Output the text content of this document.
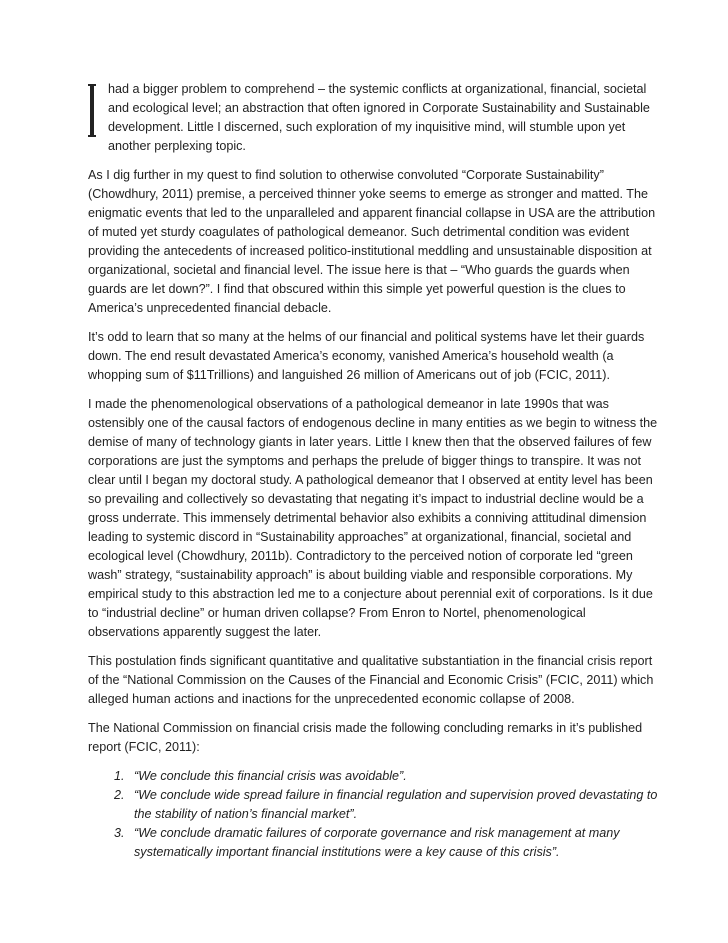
had a bigger problem to comprehend – the systemic conflicts at organizational, financial, societal
and ecological level; an abstraction that often ignored in Corporate Sustainability and Sustainable
development. Little I discerned, such exploration of my inquisitive mind, will stumble upon yet
another perplexing topic.

As I dig further in my quest to find solution to otherwise convoluted “Corporate Sustainability” (Chowdhury, 2011) premise, a perceived thinner yoke seems to emerge as stronger and matted. The enigmatic events that led to the unparalleled and apparent financial collapse in USA are the attribution of muted yet sturdy coagulates of pathological demeanor. Such detrimental condition was evident providing the antecedents of increased politico-institutional meddling and unsustainable disposition at organizational, societal and financial level. The issue here is that – “Who guards the guards when guards are let down?”. I find that obscured within this simple yet powerful question is the clues to America’s unprecedented financial debacle.

It’s odd to learn that so many at the helms of our financial and political systems have let their guards down. The end result devastated America’s economy, vanished America’s household wealth (a whopping sum of $11Trillions) and languished 26 million of Americans out of job (FCIC, 2011).

I made the phenomenological observations of a pathological demeanor in late 1990s that was ostensibly one of the causal factors of endogenous decline in many entities as we begin to witness the demise of many of technology giants in later years. Little I knew then that the observed failures of few corporations are just the symptoms and perhaps the prelude of bigger things to transpire. It was not clear until I began my doctoral study. A pathological demeanor that I observed at entity level has been so prevailing and collectively so devastating that negating it’s impact to industrial decline would be a gross underrate. This immensely detrimental behavior also exhibits a conniving attitudinal dimension leading to systemic discord in “Sustainability approaches” at organizational, financial, societal and ecological level (Chowdhury, 2011b). Contradictory to the perceived notion of corporate led “green wash” strategy, “sustainability approach” is about building viable and responsible corporations. My empirical study to this abstraction led me to a conjecture about perennial exit of corporations. Is it due to “industrial decline” or human driven collapse? From Enron to Nortel, phenomenological observations apparently suggest the later.

This postulation finds significant quantitative and qualitative substantiation in the financial crisis report of the “National Commission on the Causes of the Financial and Economic Crisis” (FCIC, 2011) which alleged human actions and inactions for the unprecedented economic collapse of 2008.

The National Commission on financial crisis made the following concluding remarks in it’s published report (FCIC, 2011):

1. “We conclude this financial crisis was avoidable”.
2. “We conclude wide spread failure in financial regulation and supervision proved devastating to the stability of nation’s financial market”.
3. “We conclude dramatic failures of corporate governance and risk management at many systematically important financial institutions were a key cause of this crisis”.
